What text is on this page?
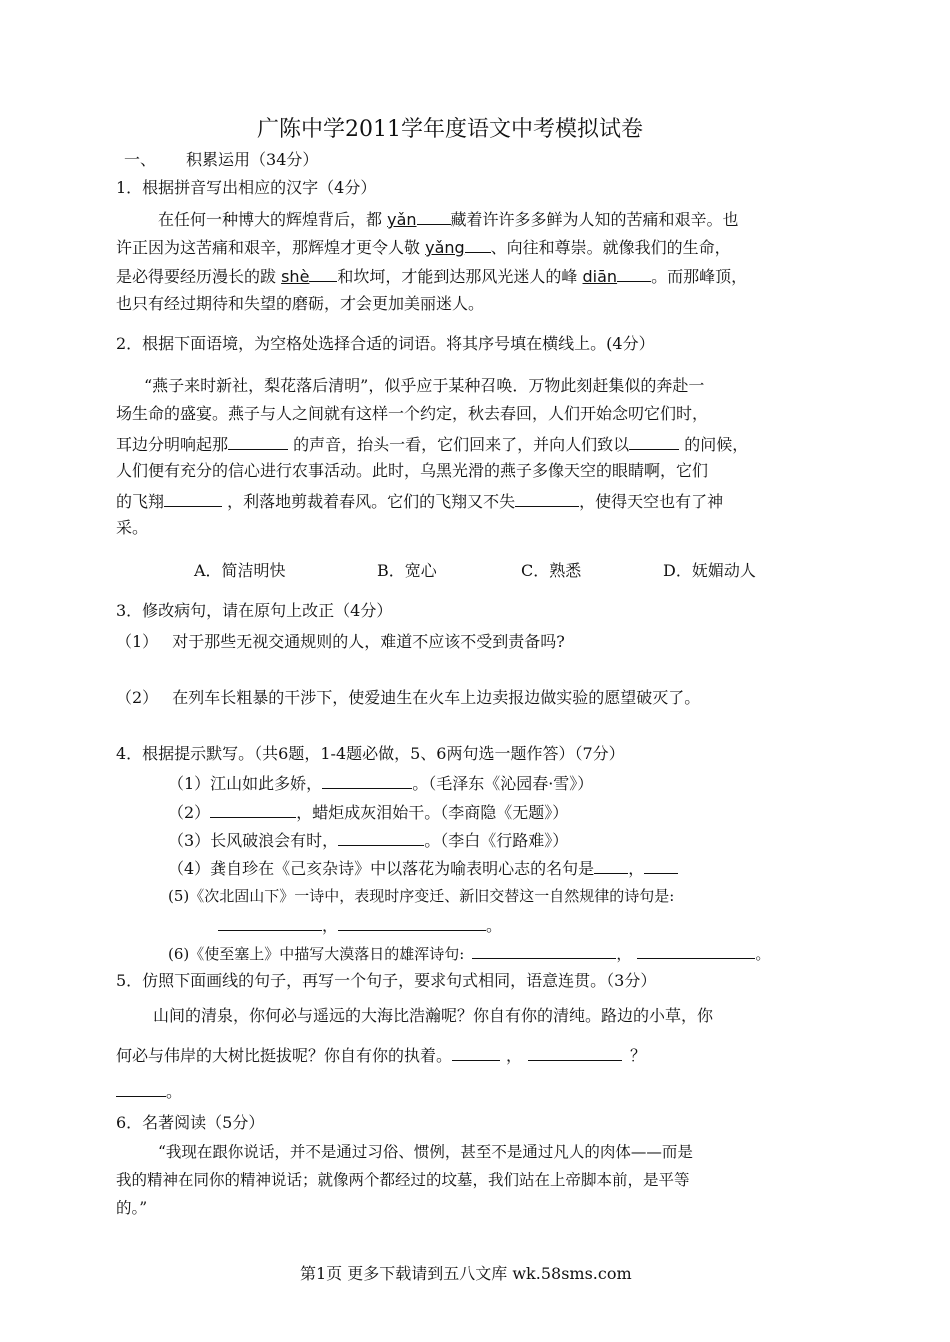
广陈中学2011学年度语文中考模拟试卷
一、 积累运用（34分）
1．根据拼音写出相应的汉字（4分）
在任何一种博大的辉煌背后，都 yǎn 藏着许许多多鲜为人知的苦痛和艰辛。也
许正因为这苦痛和艰辛，那辉煌才更令人敬 yǎng 、向往和尊崇。就像我们的生命，
是必得要经历漫长的跋 shè 和坎坷，才能到达那风光迷人的峰 diān 。而那峰顶，
也只有经过期待和失望的磨砺，才会更加美丽迷人。
2．根据下面语境，为空格处选择合适的词语。将其序号填在横线上。(4分）
“燕子来时新社，梨花落后清明”，似乎应于某种召唤．万物此刻赶集似的奔赴一
场生命的盛宴。燕子与人之间就有这样一个约定，秋去春回，人们开始念叨它们时，
耳边分明响起那	的声音，抬头一看，它们回来了，并向人们致以	的问候，
人们便有充分的信心进行农事活动。此时，乌黑光滑的燕子多像天空的眼睛啊，它们
的飞翔	，利落地剪裁着春风。它们的飞翔又不失	，使得天空也有了神
采。
A．简洁明快	B．宽心	C．熟悉	D．妩媚动人
3．修改病句，请在原句上改正（4分）
（1） 对于那些无视交通规则的人，难道不应该不受到责备吗?
（2） 在列车长粗暴的干涉下，使爱迪生在火车上边卖报边做实验的愿望破灭了。
4．根据提示默写。（共6题，1-4题必做，5、6两句选一题作答）（7分）
（1）江山如此多娇，	。（毛泽东《沁园春·雪》）
（2）	，蜡炬成灰泪始干。（李商隐《无题》）
（3）长风破浪会有时，	。（李白《行路难》）
（4）龚自珍在《己亥杂诗》中以落花为喻表明心志的名句是 ，
(5)《次北固山下》一诗中，表现时序变迁、新旧交替这一自然规律的诗句是:
，	。
(6)《使至塞上》中描写大漠落日的雄浑诗句:	，	。
5．仿照下面画线的句子，再写一个句子，要求句式相同，语意连贯。（3分）
山间的清泉，你何必与遥远的大海比浩瀚呢？你自有你的清纯。路边的小草，你
何必与伟岸的大树比挺拔呢？你自有你的执着。	，	？
。
6．名著阅读（5分）
“我现在跟你说话，并不是通过习俗、惯例，甚至不是通过凡人的肉体——而是
我的精神在同你的精神说话；就像两个都经过的坟墓，我们站在上帝脚本前，是平等
的。”
第1页 更多下载请到五八文库 wk.58sms.com
